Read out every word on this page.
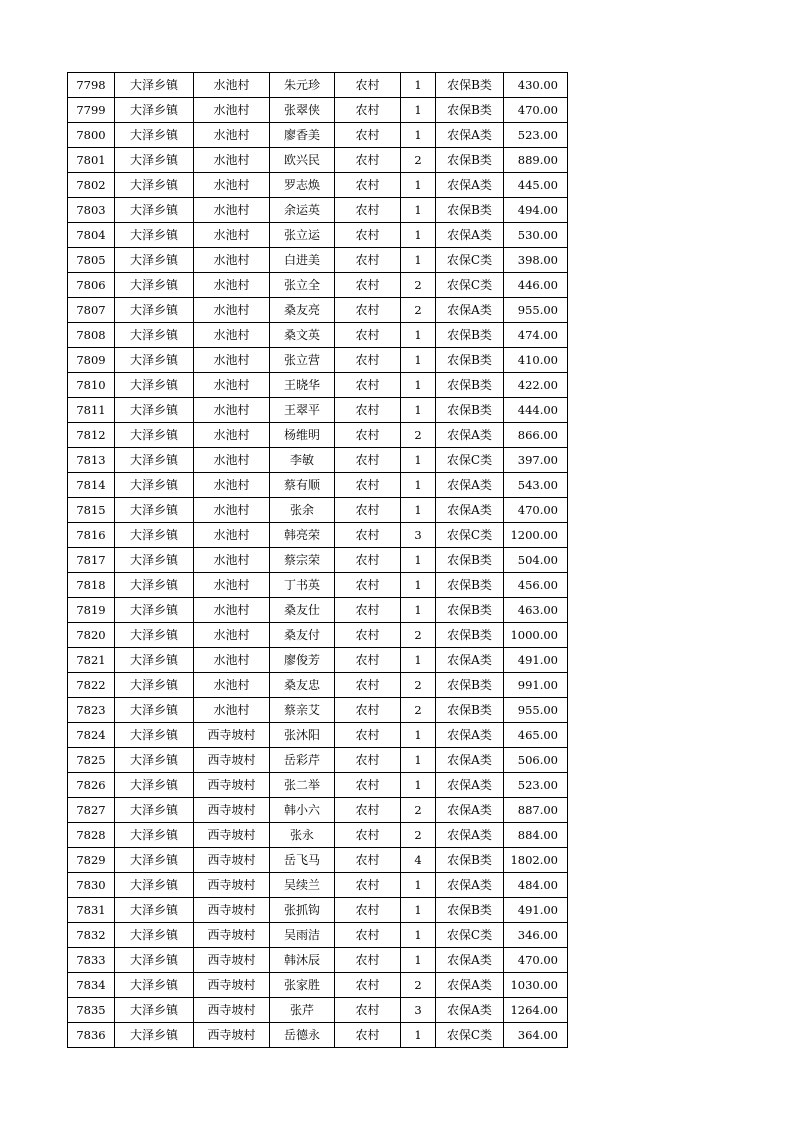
7798	大泽乡镇	水池村	朱元珍	农村	1	农保B类	430.00
7799	大泽乡镇	水池村	张翠侠	农村	1	农保B类	470.00
7800	大泽乡镇	水池村	廖香美	农村	1	农保A类	523.00
7801	大泽乡镇	水池村	欧兴民	农村	2	农保B类	889.00
7802	大泽乡镇	水池村	罗志焕	农村	1	农保A类	445.00
7803	大泽乡镇	水池村	余运英	农村	1	农保B类	494.00
7804	大泽乡镇	水池村	张立运	农村	1	农保A类	530.00
7805	大泽乡镇	水池村	白进美	农村	1	农保C类	398.00
7806	大泽乡镇	水池村	张立全	农村	2	农保C类	446.00
7807	大泽乡镇	水池村	桑友亮	农村	2	农保A类	955.00
7808	大泽乡镇	水池村	桑文英	农村	1	农保B类	474.00
7809	大泽乡镇	水池村	张立营	农村	1	农保B类	410.00
7810	大泽乡镇	水池村	王晓华	农村	1	农保B类	422.00
7811	大泽乡镇	水池村	王翠平	农村	1	农保B类	444.00
7812	大泽乡镇	水池村	杨维明	农村	2	农保A类	866.00
7813	大泽乡镇	水池村	李敏	农村	1	农保C类	397.00
7814	大泽乡镇	水池村	蔡有顺	农村	1	农保A类	543.00
7815	大泽乡镇	水池村	张余	农村	1	农保A类	470.00
7816	大泽乡镇	水池村	韩亮荣	农村	3	农保C类	1200.00
7817	大泽乡镇	水池村	蔡宗荣	农村	1	农保B类	504.00
7818	大泽乡镇	水池村	丁书英	农村	1	农保B类	456.00
7819	大泽乡镇	水池村	桑友仕	农村	1	农保B类	463.00
7820	大泽乡镇	水池村	桑友付	农村	2	农保B类	1000.00
7821	大泽乡镇	水池村	廖俊芳	农村	1	农保A类	491.00
7822	大泽乡镇	水池村	桑友忠	农村	2	农保B类	991.00
7823	大泽乡镇	水池村	蔡亲艾	农村	2	农保B类	955.00
7824	大泽乡镇	西寺坡村	张沐阳	农村	1	农保A类	465.00
7825	大泽乡镇	西寺坡村	岳彩芹	农村	1	农保A类	506.00
7826	大泽乡镇	西寺坡村	张二举	农村	1	农保A类	523.00
7827	大泽乡镇	西寺坡村	韩小六	农村	2	农保A类	887.00
7828	大泽乡镇	西寺坡村	张永	农村	2	农保A类	884.00
7829	大泽乡镇	西寺坡村	岳飞马	农村	4	农保B类	1802.00
7830	大泽乡镇	西寺坡村	吴续兰	农村	1	农保A类	484.00
7831	大泽乡镇	西寺坡村	张抓钩	农村	1	农保B类	491.00
7832	大泽乡镇	西寺坡村	吴雨洁	农村	1	农保C类	346.00
7833	大泽乡镇	西寺坡村	韩沐辰	农村	1	农保A类	470.00
7834	大泽乡镇	西寺坡村	张家胜	农村	2	农保A类	1030.00
7835	大泽乡镇	西寺坡村	张芹	农村	3	农保A类	1264.00
7836	大泽乡镇	西寺坡村	岳德永	农村	1	农保C类	364.00
